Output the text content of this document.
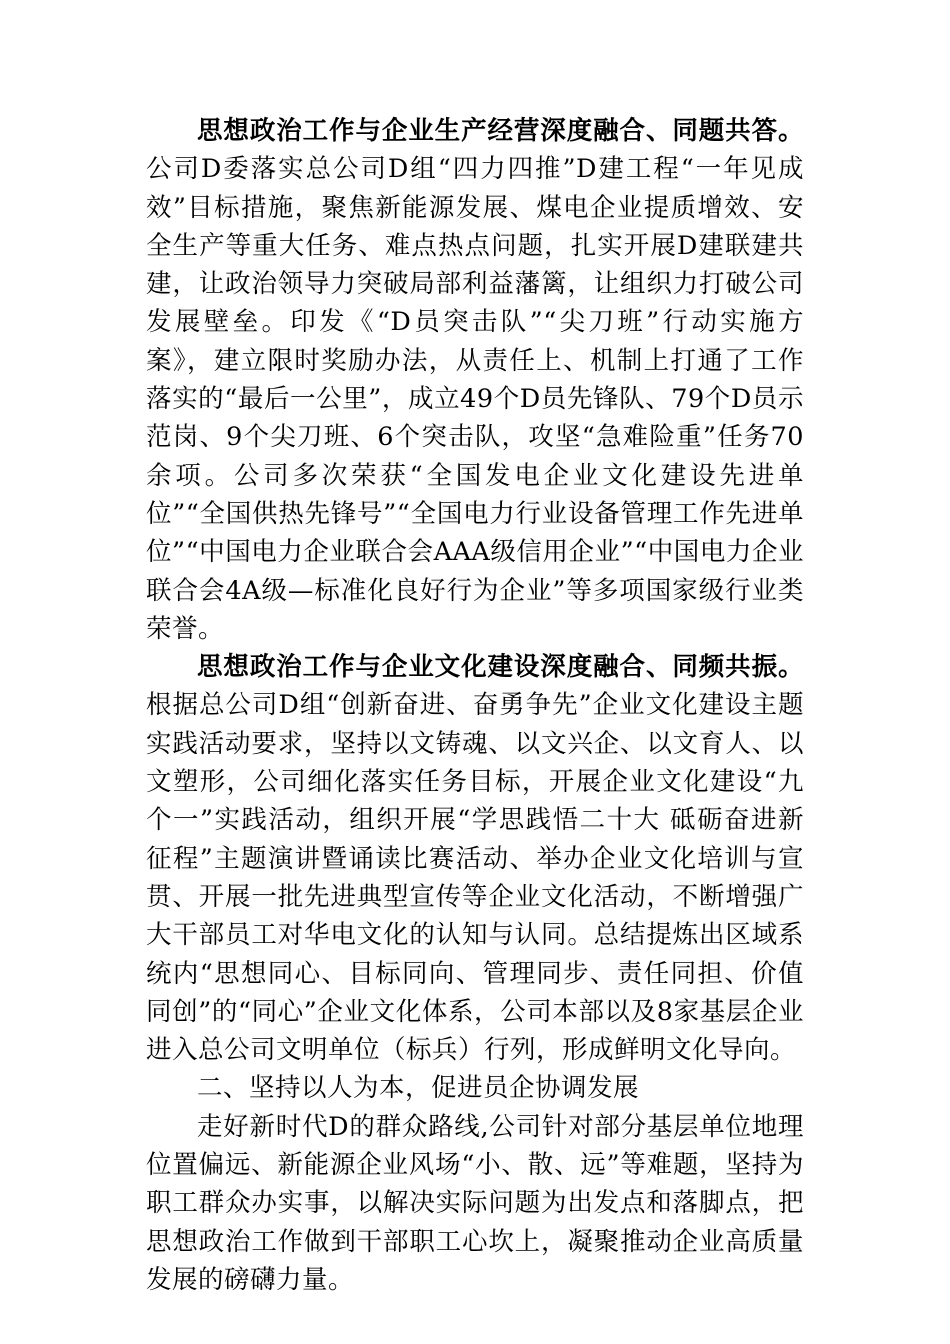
思想政治工作与企业生产经营深度融合、同题共答。公司D委落实总公司D组“四力四推”D建工程“一年见成效”目标措施，聚焦新能源发展、煤电企业提质增效、安全生产等重大任务、难点热点问题，扎实开展D建联建共建，让政治领导力突破局部利益藩篱，让组织力打破公司发展壁垒。印发《“D员突击队”“尖刀班”行动实施方案》，建立限时奖励办法，从责任上、机制上打通了工作落实的“最后一公里”，成立49个D员先锋队、79个D员示范岗、9个尖刀班、6个突击队，攻坚“急难险重”任务70余项。公司多次荣获“全国发电企业文化建设先进单位”“全国供热先锋号”“全国电力行业设备管理工作先进单位”“中国电力企业联合会AAA级信用企业”“中国电力企业联合会4A级—标准化良好行为企业”等多项国家级行业类荣誉。

思想政治工作与企业文化建设深度融合、同频共振。根据总公司D组“创新奋进、奋勇争先”企业文化建设主题实践活动要求，坚持以文铸魂、以文兴企、以文育人、以文塑形，公司细化落实任务目标，开展企业文化建设“九个一”实践活动，组织开展“学思践悟二十大 砥砺奋进新征程”主题演讲暨诵读比赛活动、举办企业文化培训与宣贯、开展一批先进典型宣传等企业文化活动，不断增强广大干部员工对华电文化的认知与认同。总结提炼出区域系统内“思想同心、目标同向、管理同步、责任同担、价值同创”的“同心”企业文化体系，公司本部以及8家基层企业进入总公司文明单位（标兵）行列，形成鲜明文化导向。

二、坚持以人为本，促进员企协调发展

走好新时代D的群众路线,公司针对部分基层单位地理位置偏远、新能源企业风场“小、散、远”等难题，坚持为职工群众办实事，以解决实际问题为出发点和落脚点，把思想政治工作做到干部职工心坎上，凝聚推动企业高质量发展的磅礴力量。
